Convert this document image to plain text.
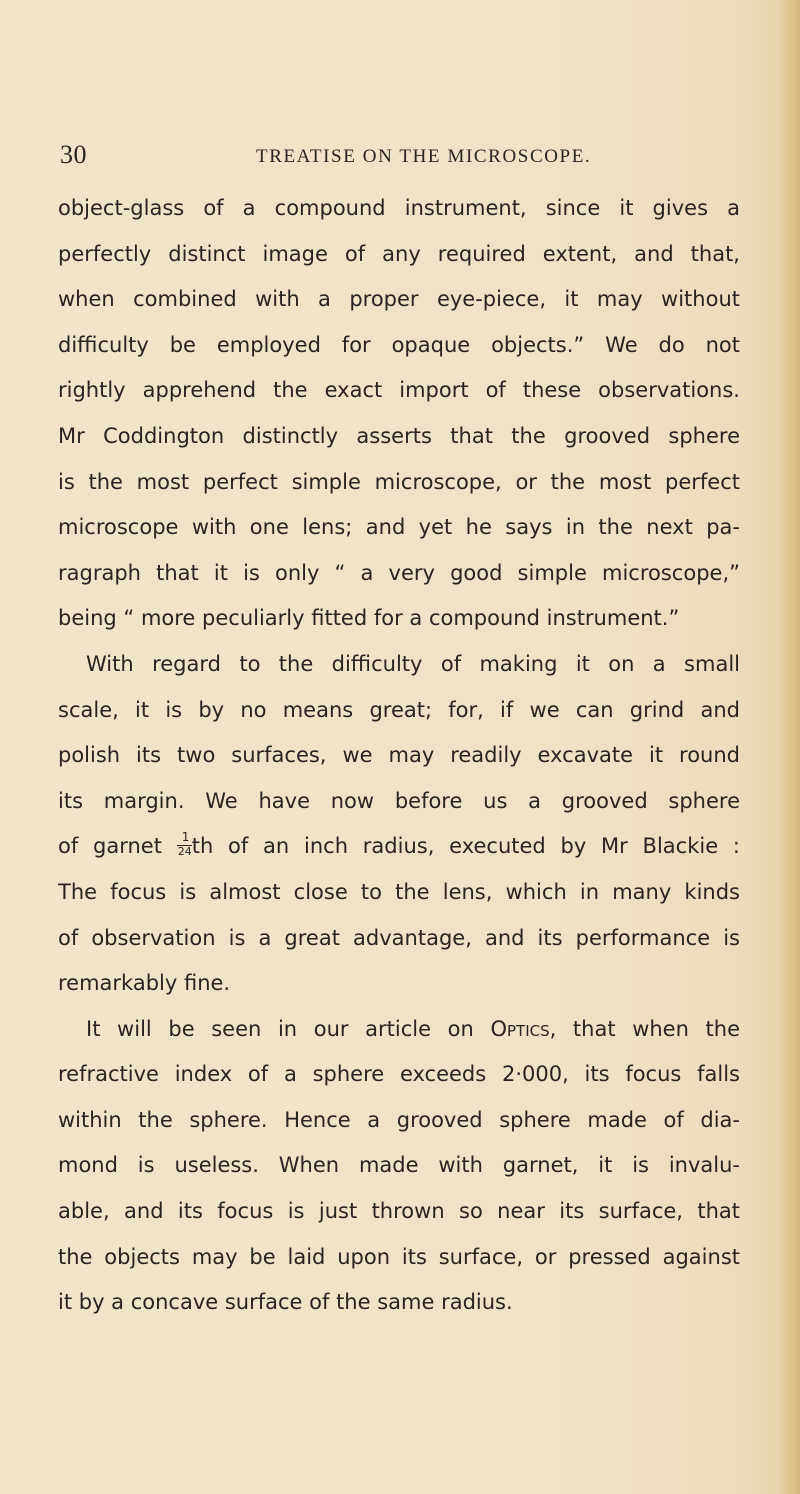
30	TREATISE ON THE MICROSCOPE.
object-glass of a compound instrument, since it gives a
perfectly distinct image of any required extent, and that,
when combined with a proper eye-piece, it may without
difficulty be employed for opaque objects.” We do not
rightly apprehend the exact import of these observations.
Mr Coddington distinctly asserts that the grooved sphere
is the most perfect simple microscope, or the most perfect
microscope with one lens; and yet he says in the next pa-
ragraph that it is only “ a very good simple microscope,”
being “ more peculiarly fitted for a compound instrument.”
With regard to the difficulty of making it on a small
scale, it is by no means great; for, if we can grind and
polish its two surfaces, we may readily excavate it round
its margin. We have now before us a grooved sphere
of garnet $\frac{1}{24}$ th of an inch radius, executed by Mr Blackie :
The focus is almost close to the lens, which in many kinds
of observation is a great advantage, and its performance is
remarkably fine.
It will be seen in our article on Optics, that when the
refractive index of a sphere exceeds 2·000, its focus falls
within the sphere. Hence a grooved sphere made of dia-
mond is useless. When made with garnet, it is invalu-
able, and its focus is just thrown so near its surface, that
the objects may be laid upon its surface, or pressed against
it by a concave surface of the same radius.
